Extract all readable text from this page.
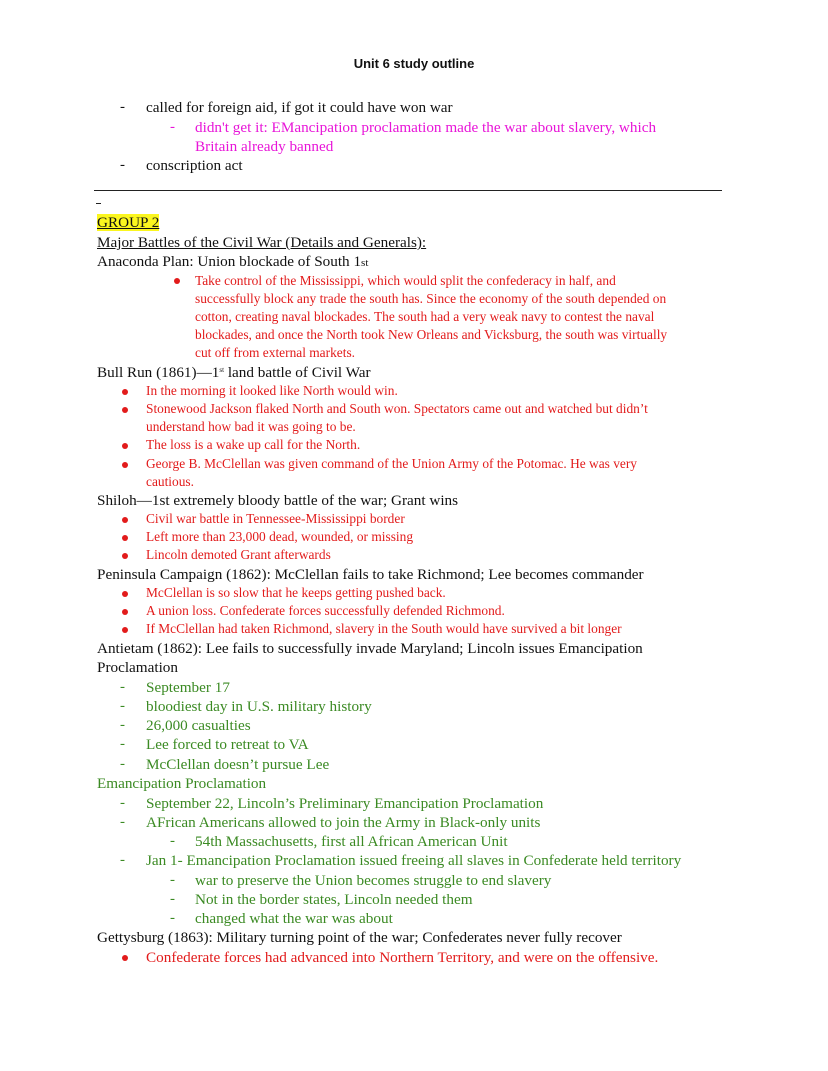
Unit 6 study outline
- called for foreign aid, if got it could have won war
- didn't get it: EMancipation proclamation made the war about slavery, which
Britain already banned
- conscription act
GROUP 2
Major Battles of the Civil War (Details and Generals):
Anaconda Plan: Union blockade of South 1st
Take control of the Mississippi, which would split the confederacy in half, and
successfully block any trade the south has. Since the economy of the south depended on
cotton, creating naval blockades. The south had a very weak navy to contest the naval
blockades, and once the North took New Orleans and Vicksburg, the south was virtually
cut off from external markets.
Bull Run (1861)—1st land battle of Civil War
In the morning it looked like North would win.
Stonewood Jackson flaked North and South won. Spectators came out and watched but didn’t
understand how bad it was going to be.
The loss is a wake up call for the North.
George B. McClellan was given command of the Union Army of the Potomac. He was very
cautious.
Shiloh—1st extremely bloody battle of the war; Grant wins
Civil war battle in Tennessee-Mississippi border
Left more than 23,000 dead, wounded, or missing
Lincoln demoted Grant afterwards
Peninsula Campaign (1862): McClellan fails to take Richmond; Lee becomes commander
McClellan is so slow that he keeps getting pushed back.
A union loss. Confederate forces successfully defended Richmond.
If McClellan had taken Richmond, slavery in the South would have survived a bit longer
Antietam (1862): Lee fails to successfully invade Maryland; Lincoln issues Emancipation
Proclamation
- September 17
- bloodiest day in U.S. military history
- 26,000 casualties
- Lee forced to retreat to VA
- McClellan doesn’t pursue Lee
Emancipation Proclamation
- September 22, Lincoln’s Preliminary Emancipation Proclamation
- AFrican Americans allowed to join the Army in Black-only units
- 54th Massachusetts, first all African American Unit
- Jan 1- Emancipation Proclamation issued freeing all slaves in Confederate held territory
- war to preserve the Union becomes struggle to end slavery
- Not in the border states, Lincoln needed them
- changed what the war was about
Gettysburg (1863): Military turning point of the war; Confederates never fully recover
Confederate forces had advanced into Northern Territory, and were on the offensive.
